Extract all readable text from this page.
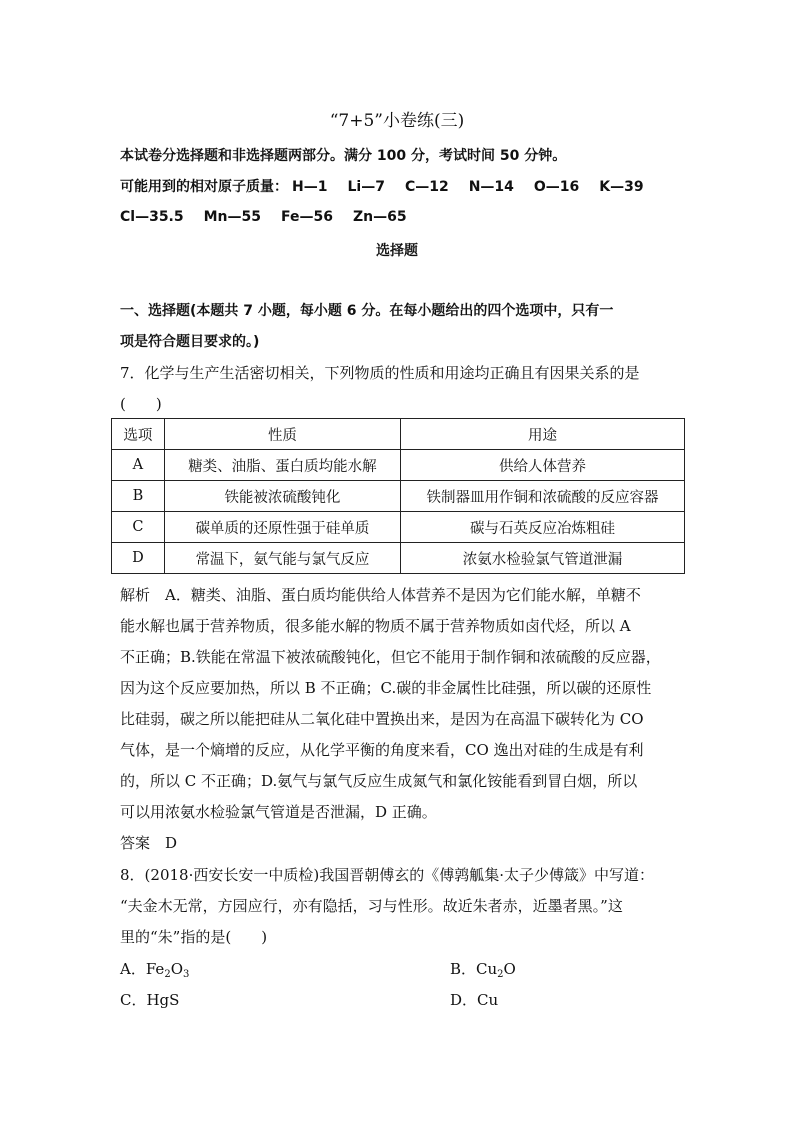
“7+5”小卷练(三)
本试卷分选择题和非选择题两部分。满分 100 分，考试时间 50 分钟。
可能用到的相对原子质量： H—1 Li—7 C—12 N—14 O—16 K—39
Cl—35.5 Mn—55 Fe—56 Zn—65
选择题
一、选择题(本题共 7 小题，每小题 6 分。在每小题给出的四个选项中，只有一
项是符合题目要求的。)
7．化学与生产生活密切相关，下列物质的性质和用途均正确且有因果关系的是
(　　)
选项	性质	用途
A	糖类、油脂、蛋白质均能水解	供给人体营养
B	铁能被浓硫酸钝化	铁制器皿用作铜和浓硫酸的反应容器
C	碳单质的还原性强于硅单质	碳与石英反应冶炼粗硅
D	常温下，氨气能与氯气反应	浓氨水检验氯气管道泄漏
解析　A．糖类、油脂、蛋白质均能供给人体营养不是因为它们能水解，单糖不
能水解也属于营养物质，很多能水解的物质不属于营养物质如卤代烃，所以 A
不正确；B.铁能在常温下被浓硫酸钝化，但它不能用于制作铜和浓硫酸的反应器，
因为这个反应要加热，所以 B 不正确；C.碳的非金属性比硅强，所以碳的还原性
比硅弱，碳之所以能把硅从二氧化硅中置换出来，是因为在高温下碳转化为 CO
气体，是一个熵增的反应，从化学平衡的角度来看，CO 逸出对硅的生成是有利
的，所以 C 不正确；D.氨气与氯气反应生成氮气和氯化铵能看到冒白烟，所以
可以用浓氨水检验氯气管道是否泄漏，D 正确。
答案　D
8．(2018·西安长安一中质检)我国晋朝傅玄的《傅鹑觚集·太子少傅箴》中写道：
“夫金木无常，方园应行，亦有隐括，习与性形。故近朱者赤，近墨者黑。”这
里的“朱”指的是(　　)
A．$Fe_2O_3$	B．$Cu_2O$
C．HgS	D．Cu
